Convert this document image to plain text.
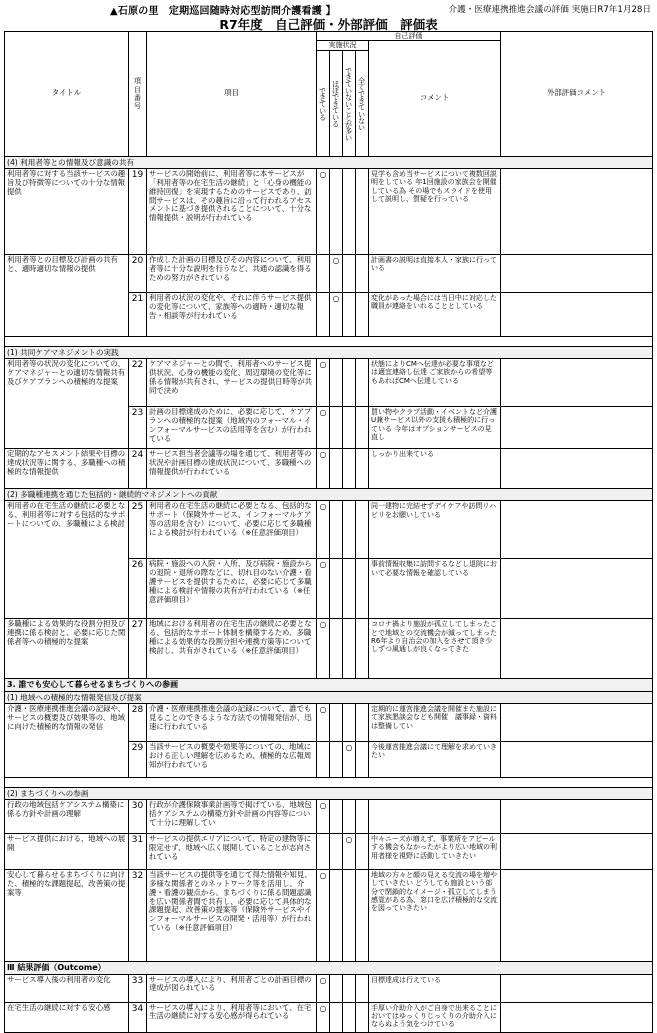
▲石原の里　定期巡回随時対応型訪問介護看護 】	介護・医療連携推進会議の評価 実施日R7年1月28日
R7年度　自己評価・外部評価　評価表
タイトル	項目番号	項目	自己評価					外部評価コメント
			実施状況				コメント	

			できている	ほぼできている	できていないことが多い	全くできていない		

(4) 利用者等との情報及び意識の共有								
利用者等に対する当該サービスの趣旨及び特徴等についての十分な情報提供	19	サービスの開始前に、利用者等に本サービスが「利用者等の在宅生活の継続」と「心身の機能の維持回復」を実現するためのサービスであり、訪問サービスは、その趣旨に沿って行われるアセスメントに基づき提供されることについて、十分な情報提供・説明が行われている	○				見学も含め当サービスについて複数回説明をしている 年1回施設の家族会を開催している為 その場でもスライドを使用して説明し、質疑を行っている	
利用者等との目標及び計画の共有と、適時適切な情報の提供	20	作成した計画の目標及びその内容について、利用者等に十分な説明を行うなど、共通の認識を得るための努力がされている		○			計画書の説明は直接本人・家族に行っている	
	21	利用者の状況の変化や、それに伴うサービス提供の変化等について、家族等への適時・適切な報告・相談等が行われている		○			変化があった場合には当日中に対応した職員が連絡をいれることとしている	

(1) 共同ケアマネジメントの実践								
利用者等の状況の変化についての、ケアマネジャーとの適切な情報共有及びケアプランへの積極的な提案	22	ケアマネジャーとの間で、利用者へのサービス提供状況、心身の機能の変化、周辺環境の変化等に係る情報が共有され、サービスの提供日時等が共同で決め	○				状態によりCMへ伝達が必要な事項などは適宜連絡し伝達 ご家族からの希望等もあればCMへ伝達している	
	23	計画の目標達成のために、必要に応じて、ケアプランへの積極的な提案（地域内のフォーマル・インフォーマルサービスの活用等を含む）が行われている	○				買い物やクラブ活動・イベントなど介護U兼サービス以外の支援も積極的に行っている 今年はオプションサービスの見直し	
定期的なアセスメント結果や目標の達成状況等に関する、多職種への積極的な情報提供	24	サービス担当者会議等の場を通じて、利用者等の状況や計画目標の達成状況について、多職種への情報提供が行われている	○				しっかり出来ている	
(2) 多職種連携を通じた包括的・継続的マネジメントへの貢献								
利用者の在宅生活の継続に必要となる、利用者等に対する包括的なサポートについての、多職種による検討	25	利用者の在宅生活の継続に必要となる、包括的なサポート（保険外サービス、インフォーマルケア等の活用を含む）について、必要に応じて多職種による検討が行われている（※任意評価項目）	○				同一建物に完結せずデイケアや訪問リハビリをお願いしている	
	26	病院・施設への入院・入所、及び病院・施設からの退院・退所の際などに、切れ目のない介護・看護サービスを提供するために、必要に応じて多職種による検討や情報の共有が行われている（※任意評価項目）	○				事前情報収集に訪問するなどし退院において必要な情報を確認している	
多職種による効果的な役割分担及び連携に係る検討と、必要に応じた関係者等への積極的な提案	27	地域における利用者の在宅生活の継続に必要となる、包括的なサポート体制を構築するため、多職種による効果的な役割分担や連携方策等について検討し、共有がされている（※任意評価項目）	○				コロナ禍より施設が孤立してしまったことで地域との交流機会が減ってしまった R6年より自治会の加入をさせて頂き少しずつ風通しが良くなってきた	
3. 誰でも安心して暮らせるまちづくりへの参画								
(1) 地域への積極的な情報発信及び提案								
介護・医療連携推進会議の記録や、サービスの概要及び効果等の、地域に向けた積極的な情報の発信	28	介護・医療連携推進会議の記録について、誰でも見ることのできるような方法での情報発信が、迅速に行われている	○				定期的に運営推進会議を開催また施設にて家族懇談会なども開催　議事録・資料は整備してい	
	29	当該サービスの概要や効果等についての、地域における正しい理解を広めるため、積極的な広報周知が行われている			○		今後運営推進会議にて理解を求めていきたい	

(2) まちづくりへの参画								
行政の地域包括ケアシステム構築に係る方針や計画の理解	30	行政が介護保険事業計画等で掲げている、地域包括ケアシステムの構築方針や計画の内容等について十分に理解してい	○					
サービス提供における、地域への展開	31	サービスの提供エリアについて、特定の建物等に限定せず、地域へ広く展開していることが志向されている			○		中々ニーズが増えず、事業所をアピールする機会もなかったがより広い地域の利用者様を視野に活動していきたい	
安心して暮らせるまちづくりに向けた、積極的な課題提起、改善策の提案等	32	当該サービスの提供等を通じて得た情報や知見、多様な関係者とのネットワーク等を活用し、介護・看護の観点から、まちづくりに係る問題認識を広い関係者間で共有し、必要に応じて具体的な課題提起、改善策の提案等（保険外サービスやインフォーマルサービスの開発・活用等）が行われている（※任意評価項目）	○				地域の方々と顔の見える交流の場を増やしていきたい どうしても施設という部分で閉鎖的なイメージ・孤立してしまう感覚がある為、窓口を広げ積極的な交流を図っていきたい	
Ⅲ 結果評価（Outcome）								
サービス導入後の利用者の変化	33	サービスの導入により、利用者ごとの計画目標の達成が図られている	○				目標達成は行えている	
在宅生活の継続に対する安心感	34	サービスの導入により、利用者等において、在宅生活の継続に対する安心感が得られている	○				手厚い介助介入がご自身で出来ることにおいてはゆっくりじっくりの介助介入にならぬよう気をつけている	
